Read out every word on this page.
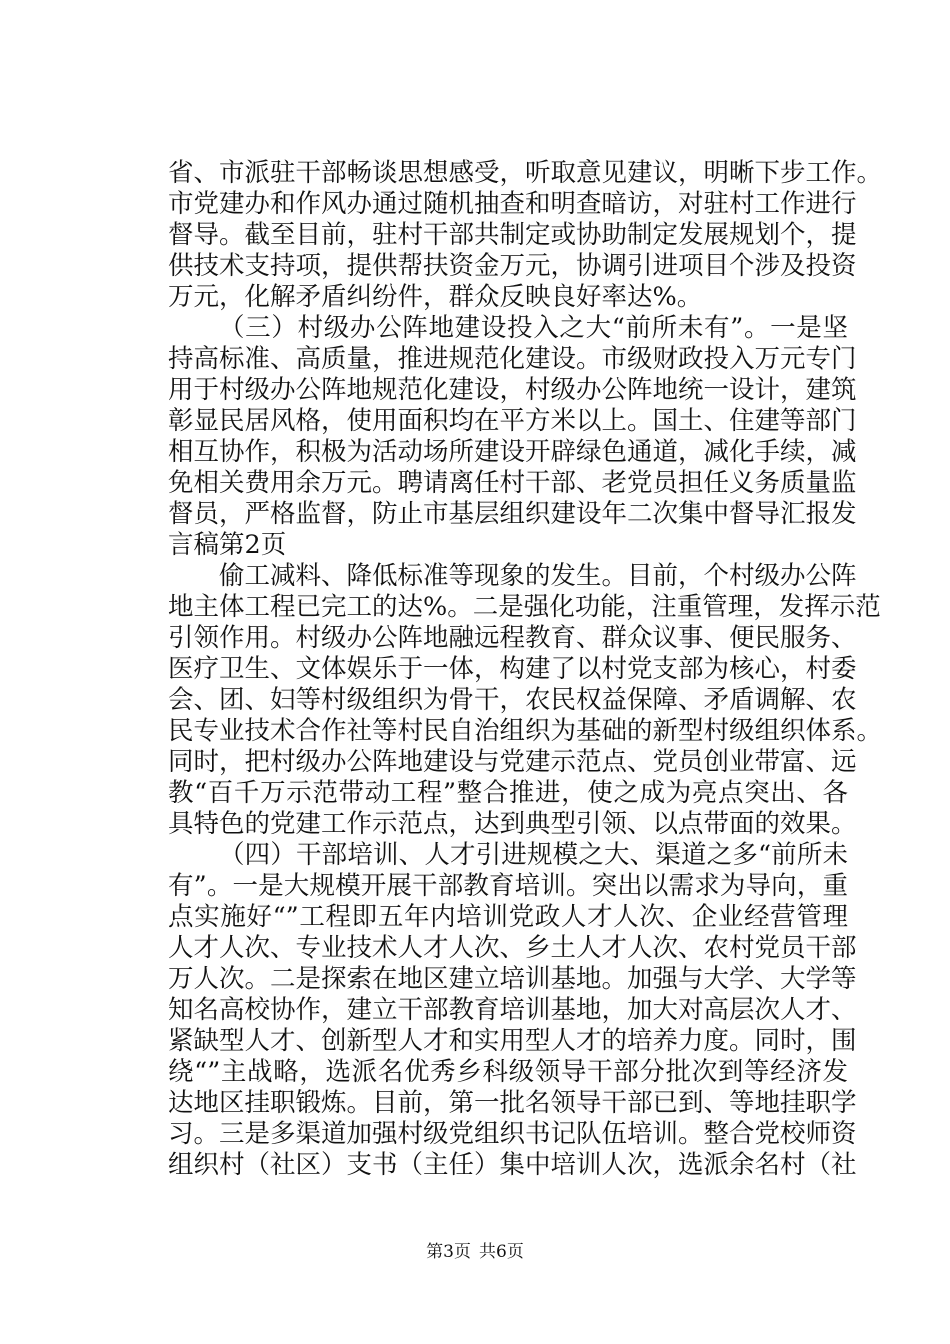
省、市派驻干部畅谈思想感受，听取意见建议，明晰下步工作。
市党建办和作风办通过随机抽查和明查暗访，对驻村工作进行
督导。截至目前，驻村干部共制定或协助制定发展规划个，提
供技术支持项，提供帮扶资金万元，协调引进项目个涉及投资
万元，化解矛盾纠纷件，群众反映良好率达%。
（三）村级办公阵地建设投入之大“前所未有”。一是坚
持高标准、高质量，推进规范化建设。市级财政投入万元专门
用于村级办公阵地规范化建设，村级办公阵地统一设计，建筑
彰显民居风格，使用面积均在平方米以上。国土、住建等部门
相互协作，积极为活动场所建设开辟绿色通道，减化手续，减
免相关费用余万元。聘请离任村干部、老党员担任义务质量监
督员，严格监督，防止市基层组织建设年二次集中督导汇报发
言稿第2页
偷工减料、降低标准等现象的发生。目前，个村级办公阵
地主体工程已完工的达%。二是强化功能，注重管理，发挥示范
引领作用。村级办公阵地融远程教育、群众议事、便民服务、
医疗卫生、文体娱乐于一体，构建了以村党支部为核心，村委
会、团、妇等村级组织为骨干，农民权益保障、矛盾调解、农
民专业技术合作社等村民自治组织为基础的新型村级组织体系。
同时，把村级办公阵地建设与党建示范点、党员创业带富、远
教“百千万示范带动工程”整合推进，使之成为亮点突出、各
具特色的党建工作示范点，达到典型引领、以点带面的效果。
（四）干部培训、人才引进规模之大、渠道之多“前所未
有”。一是大规模开展干部教育培训。突出以需求为导向，重
点实施好“”工程即五年内培训党政人才人次、企业经营管理
人才人次、专业技术人才人次、乡土人才人次、农村党员干部
万人次。二是探索在地区建立培训基地。加强与大学、大学等
知名高校协作，建立干部教育培训基地，加大对高层次人才、
紧缺型人才、创新型人才和实用型人才的培养力度。同时，围
绕“”主战略，选派名优秀乡科级领导干部分批次到等经济发
达地区挂职锻炼。目前，第一批名领导干部已到、等地挂职学
习。三是多渠道加强村级党组织书记队伍培训。整合党校师资
组织村（社区）支书（主任）集中培训人次，选派余名村（社
第3页 共6页
